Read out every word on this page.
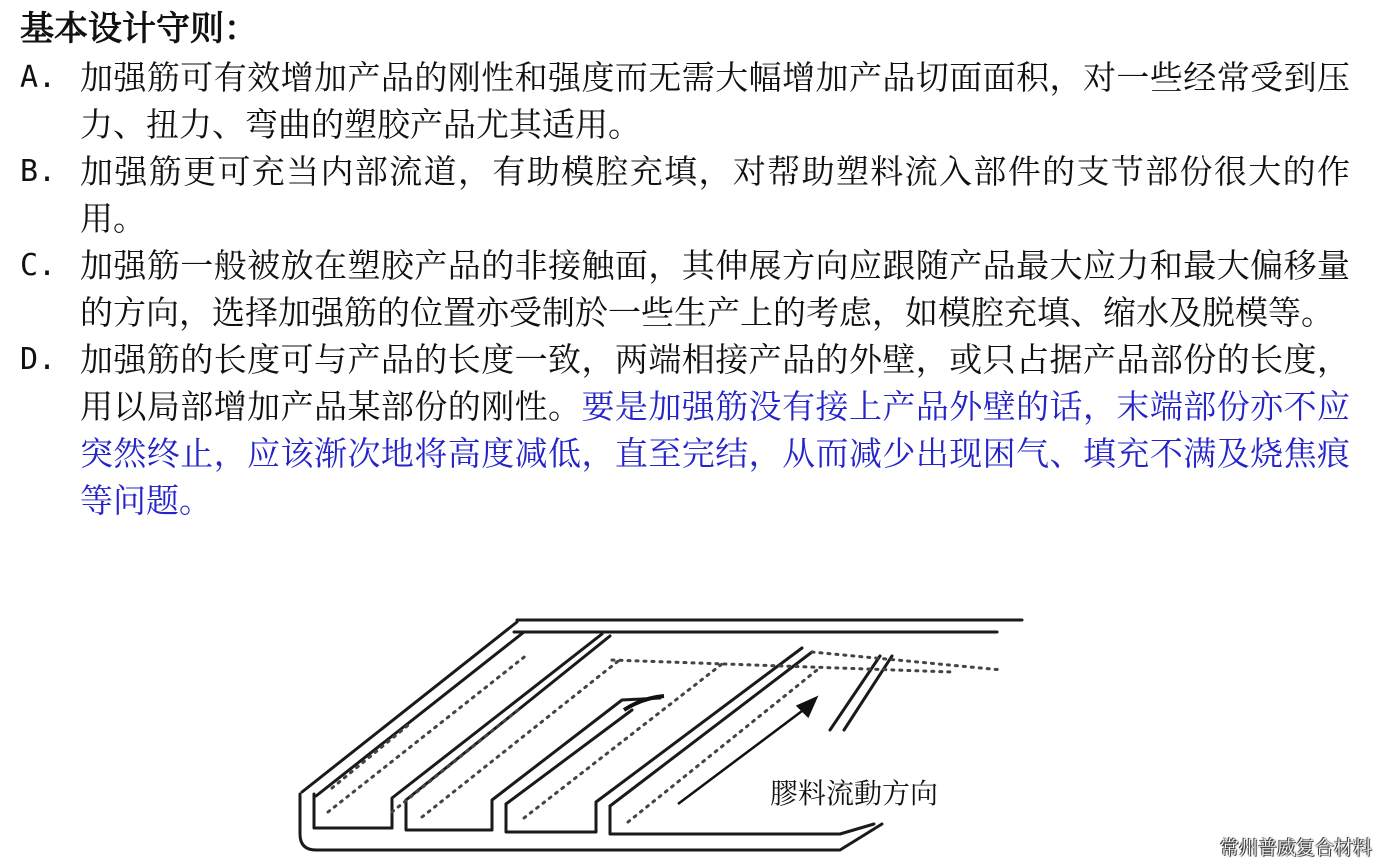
基本设计守则：
A. 加强筋可有效增加产品的刚性和强度而无需大幅增加产品切面面积，对一些经常受到压力、扭力、弯曲的塑胶产品尤其适用。
B. 加强筋更可充当内部流道，有助模腔充填，对帮助塑料流入部件的支节部份很大的作用。
C. 加强筋一般被放在塑胶产品的非接触面，其伸展方向应跟随产品最大应力和最大偏移量的方向，选择加强筋的位置亦受制於一些生产上的考虑，如模腔充填、缩水及脱模等。
D. 加强筋的长度可与产品的长度一致，两端相接产品的外壁，或只占据产品部份的长度，用以局部增加产品某部份的刚性。要是加强筋没有接上产品外壁的话，末端部份亦不应突然终止，应该渐次地将高度减低，直至完结，从而减少出现困气、填充不满及烧焦痕等问题。
膠料流動方向
常州普威复合材料
